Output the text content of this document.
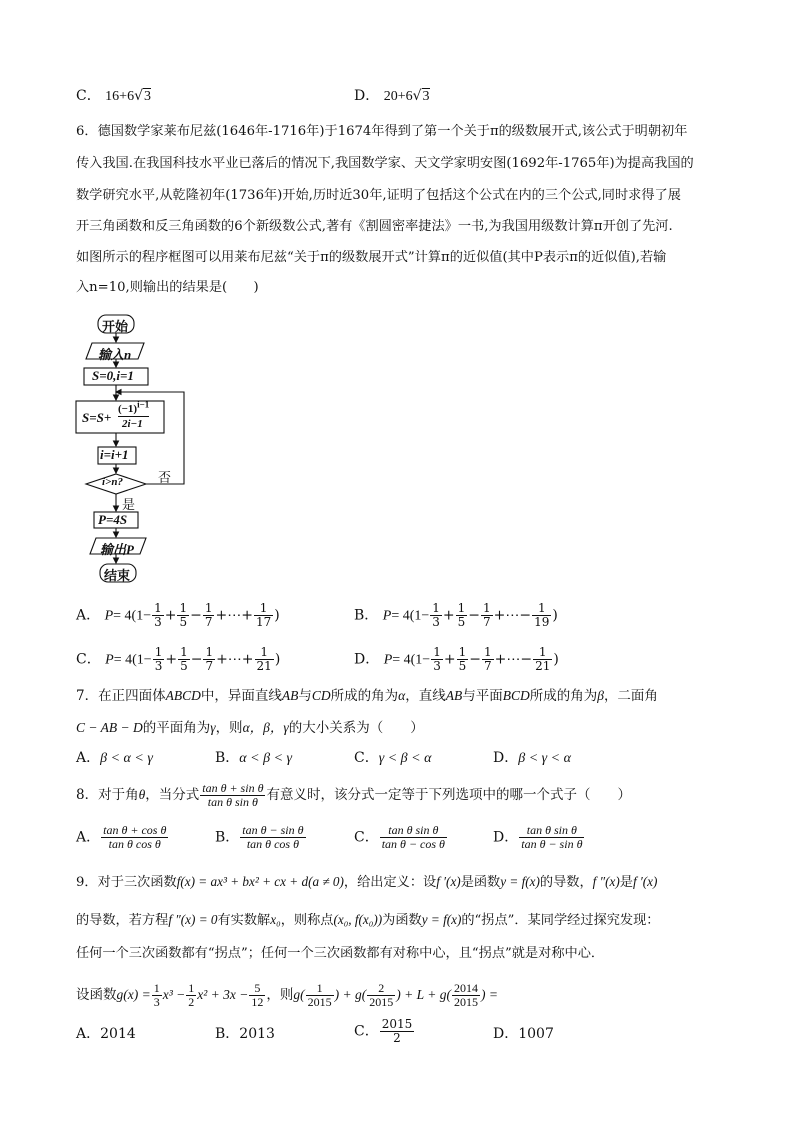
C． 16+6√3	D． 20+6√3
6．德国数学家莱布尼兹(1646年-1716年)于1674年得到了第一个关于π的级数展开式,该公式于明朝初年
传入我国.在我国科技水平业已落后的情况下,我国数学家、天文学家明安图(1692年-1765年)为提高我国的
数学研究水平,从乾隆初年(1736年)开始,历时近30年,证明了包括这个公式在内的三个公式,同时求得了展
开三角函数和反三角函数的6个新级数公式,著有《割圆密率捷法》一书,为我国用级数计算π开创了先河.
如图所示的程序框图可以用莱布尼兹“关于π的级数展开式”计算π的近似值(其中P表示π的近似值),若输
入n=10,则输出的结果是(　　)
开始
输入n
S=0,i=1
S=S+
$(-1)^{i-1}$
2i−1
i=i+1
i>n?	否
是
P=4S
输出P
结束
A． $P= 4(1- \frac{1}{3} + \frac{1}{5} - \frac{1}{7}$ +⋯+ $\frac{1}{17}$ )	B． $P= 4(1- \frac{1}{3} + \frac{1}{5} - \frac{1}{7}$ +⋯− $\frac{1}{19}$ )
C． $P= 4(1- \frac{1}{3} + \frac{1}{5} - \frac{1}{7}$ +⋯+ $\frac{1}{21}$ )	D． $P= 4(1- \frac{1}{3} + \frac{1}{5} - \frac{1}{7}$ +⋯− $\frac{1}{21}$ )
7．在正四面体ABCD中，异面直线AB与CD所成的角为α，直线AB与平面BCD所成的角为β，二面角
C − AB − D的平面角为γ，则α，β，γ的大小关系为（　　）
A．β < α < γ	B．α < β < γ	C．γ < β < α	D．β < γ < α
8．对于角θ，当分式 $\frac{\text{tan θ + sin θ}}{\text{tan θ sin θ}}$ 有意义时，该分式一定等于下列选项中的哪一个式子（　　）
A． $\frac{\text{tan θ + cos θ}}{\text{tan θ cos θ}}$	B． $\frac{\text{tan θ − sin θ}}{\text{tan θ cos θ}}$	C． $\frac{\text{tan θ sin θ}}{\text{tan θ − cos θ}}$	D． $\frac{\text{tan θ sin θ}}{\text{tan θ − sin θ}}$
9．对于三次函数f(x) = ax³ + bx² + cx + d(a ≠ 0)，给出定义：设f ′(x)是函数y = f(x)的导数，f ″(x)是f ′(x)
的导数，若方程f ″(x) = 0有实数解x₀，则称点(x₀, f(x₀))为函数y = f(x)的“拐点”．某同学经过探究发现：
任何一个三次函数都有“拐点”；任何一个三次函数都有对称中心，且“拐点”就是对称中心．
设函数$g(x) = \frac{1}{3} x^3 - \frac{1}{2} x^2 + 3x - \frac{5}{12}$ ，则$g( \frac{1}{2015}$ ) + $g( \frac{2}{2015}$ ) + $L + g( \frac{2014}{2015}$ ) =
A．2014	B．2013	C． $\frac{2015}{2}$	D．1007
